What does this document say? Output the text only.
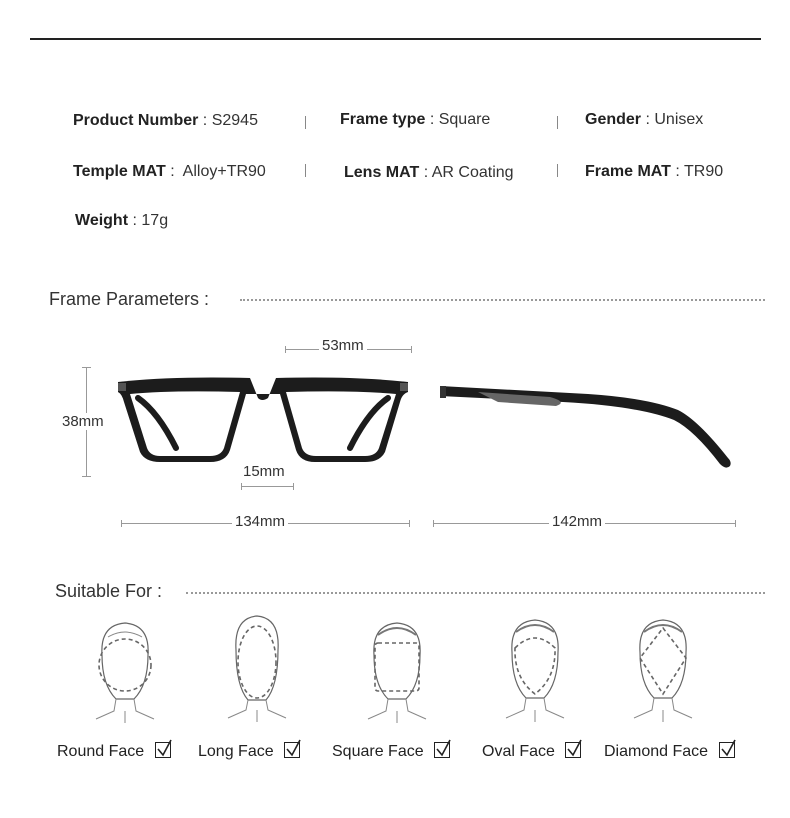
Product Number : S2945	Frame type : Square	Gender : Unisex
Temple MAT : Alloy+TR90	Lens MAT : AR Coating	Frame MAT : TR90
Weight : 17g
Frame Parameters :
53mm
38mm
15mm
134mm	142mm
Suitable For :
Round Face	Long Face	Square Face	Oval Face	Diamond Face
